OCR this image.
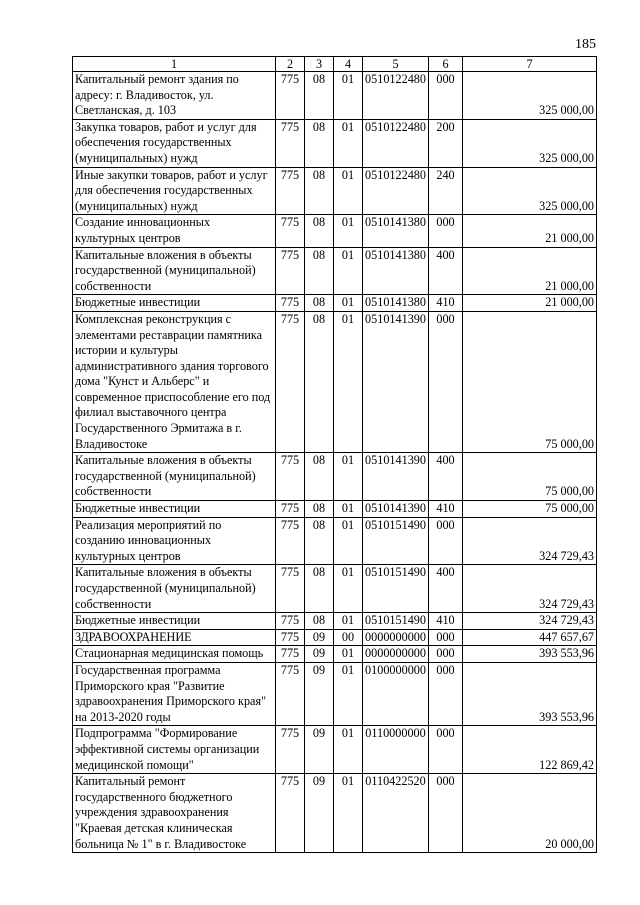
185
1	2	3	4	5	6	7
Капитальный ремонт здания по адресу: г. Владивосток, ул. Светланская, д. 103	775	08	01	0510122480	000	325 000,00
Закупка товаров, работ и услуг для обеспечения государственных (муниципальных) нужд	775	08	01	0510122480	200	325 000,00
Иные закупки товаров, работ и услуг для обеспечения государственных (муниципальных) нужд	775	08	01	0510122480	240	325 000,00
Создание инновационных культурных центров	775	08	01	0510141380	000	21 000,00
Капитальные вложения в объекты государственной (муниципальной) собственности	775	08	01	0510141380	400	21 000,00
Бюджетные инвестиции	775	08	01	0510141380	410	21 000,00
Комплексная реконструкция с элементами реставрации памятника истории и культуры административного здания торгового дома "Кунст и Альберс" и современное приспособление его под филиал выставочного центра Государственного Эрмитажа в г. Владивостоке	775	08	01	0510141390	000	75 000,00
Капитальные вложения в объекты государственной (муниципальной) собственности	775	08	01	0510141390	400	75 000,00
Бюджетные инвестиции	775	08	01	0510141390	410	75 000,00
Реализация мероприятий по созданию инновационных культурных центров	775	08	01	0510151490	000	324 729,43
Капитальные вложения в объекты государственной (муниципальной) собственности	775	08	01	0510151490	400	324 729,43
Бюджетные инвестиции	775	08	01	0510151490	410	324 729,43
ЗДРАВООХРАНЕНИЕ	775	09	00	0000000000	000	447 657,67
Стационарная медицинская помощь	775	09	01	0000000000	000	393 553,96
Государственная программа Приморского края "Развитие здравоохранения Приморского края" на 2013-2020 годы	775	09	01	0100000000	000	393 553,96
Подпрограмма "Формирование эффективной системы организации медицинской помощи"	775	09	01	0110000000	000	122 869,42
Капитальный ремонт государственного бюджетного учреждения здравоохранения "Краевая детская клиническая больница № 1" в г. Владивостоке	775	09	01	0110422520	000	20 000,00
